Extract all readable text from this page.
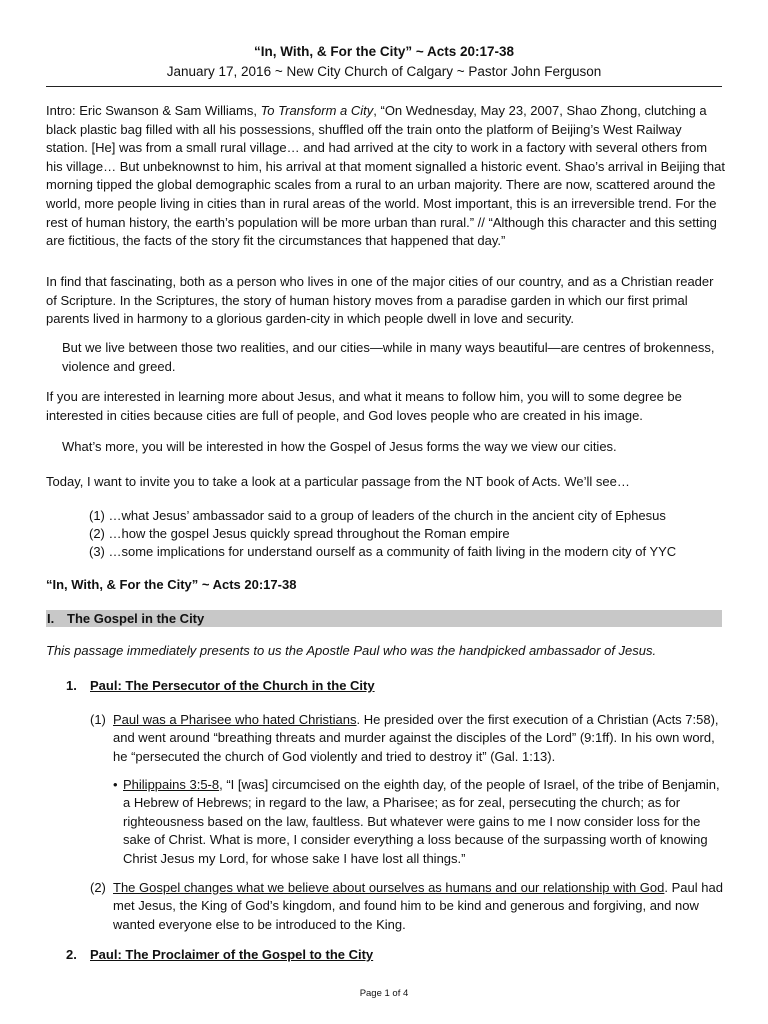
“In, With, & For the City” ~ Acts 20:17-38
January 17, 2016 ~ New City Church of Calgary ~ Pastor John Ferguson

Intro: Eric Swanson & Sam Williams, To Transform a City, “On Wednesday, May 23, 2007, Shao Zhong, clutching a black plastic bag filled with all his possessions, shuffled off the train onto the platform of Beijing’s West Railway station. [He] was from a small rural village… and had arrived at the city to work in a factory with several others from his village… But unbeknownst to him, his arrival at that moment signalled a historic event. Shao’s arrival in Beijing that morning tipped the global demographic scales from a rural to an urban majority. There are now, scattered around the world, more people living in cities than in rural areas of the world. Most important, this is an irreversible trend. For the rest of human history, the earth’s population will be more urban than rural.” // “Although this character and this setting are fictitious, the facts of the story fit the circumstances that happened that day.”

In find that fascinating, both as a person who lives in one of the major cities of our country, and as a Christian reader of Scripture. In the Scriptures, the story of human history moves from a paradise garden in which our first primal parents lived in harmony to a glorious garden-city in which people dwell in love and security.

But we live between those two realities, and our cities—while in many ways beautiful—are centres of brokenness, violence and greed.

If you are interested in learning more about Jesus, and what it means to follow him, you will to some degree be interested in cities because cities are full of people, and God loves people who are created in his image.

What’s more, you will be interested in how the Gospel of Jesus forms the way we view our cities.

Today, I want to invite you to take a look at a particular passage from the NT book of Acts. We’ll see…

(1) …what Jesus’ ambassador said to a group of leaders of the church in the ancient city of Ephesus
(2) …how the gospel Jesus quickly spread throughout the Roman empire
(3) …some implications for understand ourself as a community of faith living in the modern city of YYC
“In, With, & For the City” ~ Acts 20:17-38
I. The Gospel in the City

This passage immediately presents to us the Apostle Paul who was the handpicked ambassador of Jesus.

1. Paul: The Persecutor of the Church in the City
(1) Paul was a Pharisee who hated Christians. He presided over the first execution of a Christian (Acts 7:58), and went around “breathing threats and murder against the disciples of the Lord” (9:1ff). In his own word, he “persecuted the church of God violently and tried to destroy it” (Gal. 1:13).
• Philippains 3:5-8, “I [was] circumcised on the eighth day, of the people of Israel, of the tribe of Benjamin, a Hebrew of Hebrews; in regard to the law, a Pharisee; as for zeal, persecuting the church; as for righteousness based on the law, faultless. But whatever were gains to me I now consider loss for the sake of Christ. What is more, I consider everything a loss because of the surpassing worth of knowing Christ Jesus my Lord, for whose sake I have lost all things.”
(2) The Gospel changes what we believe about ourselves as humans and our relationship with God. Paul had met Jesus, the King of God’s kingdom, and found him to be kind and generous and forgiving, and now wanted everyone else to be introduced to the King.
2. Paul: The Proclaimer of the Gospel to the City
Page 1 of 4
